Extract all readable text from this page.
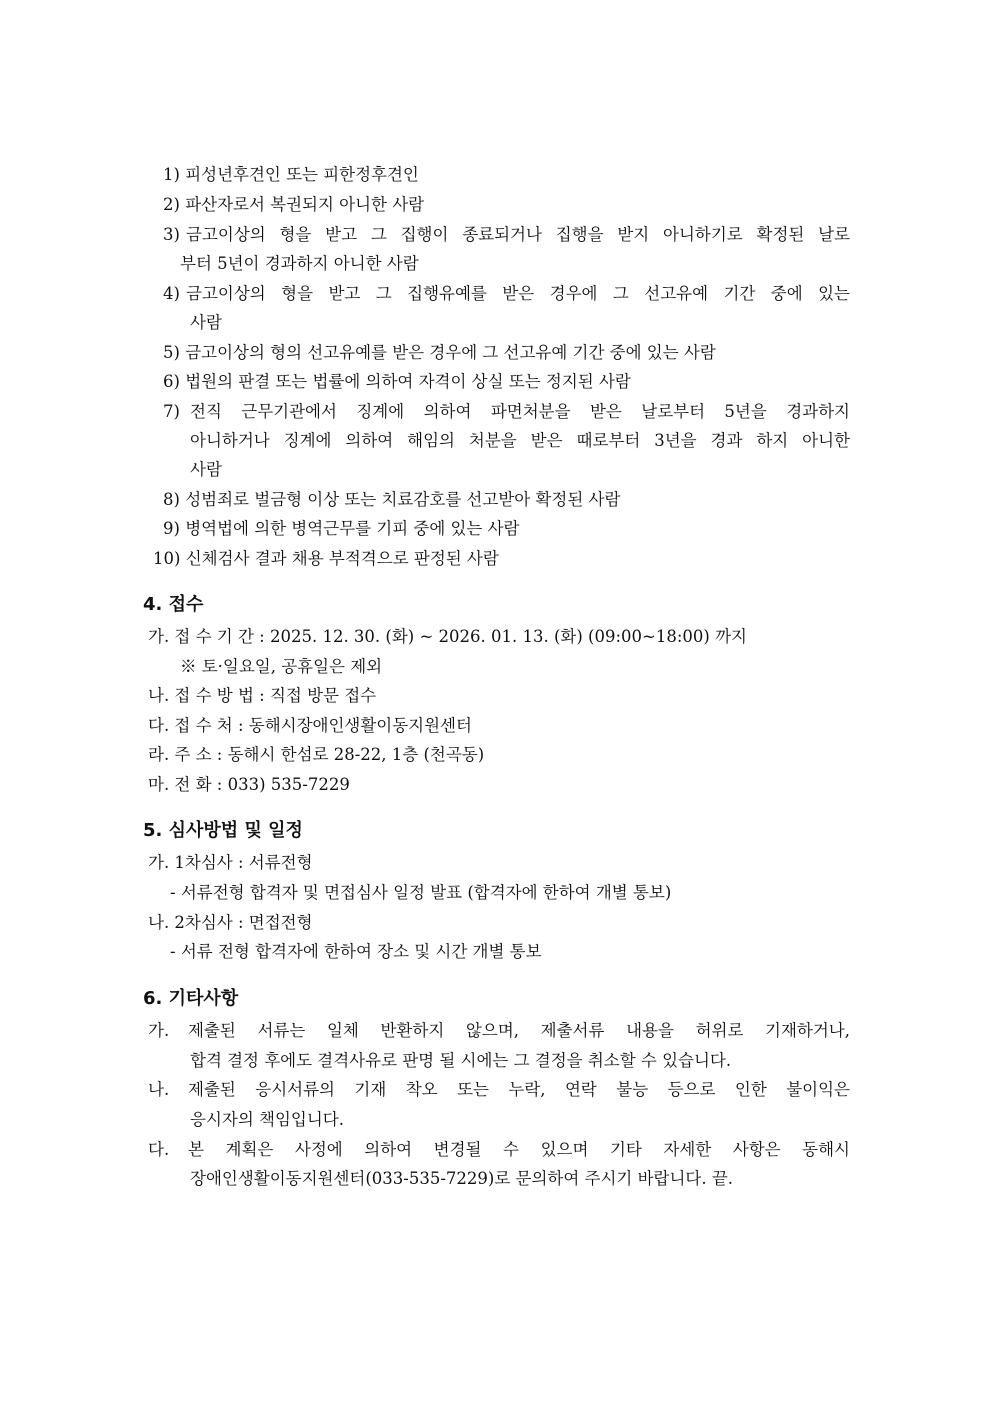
1) 피성년후견인 또는 피한정후견인
2) 파산자로서 복권되지 아니한 사람
3) 금고이상의 형을 받고 그 집행이 종료되거나 집행을 받지 아니하기로 확정된 날로
부터 5년이 경과하지 아니한 사람
4) 금고이상의 형을 받고 그 집행유예를 받은 경우에 그 선고유예 기간 중에 있는
사람
5) 금고이상의 형의 선고유예를 받은 경우에 그 선고유예 기간 중에 있는 사람
6) 법원의 판결 또는 법률에 의하여 자격이 상실 또는 정지된 사람
7) 전직 근무기관에서 징계에 의하여 파면처분을 받은 날로부터 5년을 경과하지
아니하거나 징계에 의하여 해임의 처분을 받은 때로부터 3년을 경과 하지 아니한
사람
8) 성범죄로 벌금형 이상 또는 치료감호를 선고받아 확정된 사람
9) 병역법에 의한 병역근무를 기피 중에 있는 사람
10) 신체검사 결과 채용 부적격으로 판정된 사람
4. 접수
가. 접 수 기 간 : 2025. 12. 30. (화) ~ 2026. 01. 13. (화) (09:00~18:00) 까지
※ 토·일요일, 공휴일은 제외
나. 접 수 방 법 : 직접 방문 접수
다. 접 수 처 : 동해시장애인생활이동지원센터
라. 주 소 : 동해시 한섬로 28-22, 1층 (천곡동)
마. 전 화 : 033) 535-7229
5. 심사방법 및 일정
가. 1차심사 : 서류전형
- 서류전형 합격자 및 면접심사 일정 발표 (합격자에 한하여 개별 통보)
나. 2차심사 : 면접전형
- 서류 전형 합격자에 한하여 장소 및 시간 개별 통보
6. 기타사항
가. 제출된 서류는 일체 반환하지 않으며, 제출서류 내용을 허위로 기재하거나,
합격 결정 후에도 결격사유로 판명 될 시에는 그 결정을 취소할 수 있습니다.
나. 제출된 응시서류의 기재 착오 또는 누락, 연락 불능 등으로 인한 불이익은
응시자의 책임입니다.
다. 본 계획은 사정에 의하여 변경될 수 있으며 기타 자세한 사항은 동해시
장애인생활이동지원센터(033-535-7229)로 문의하여 주시기 바랍니다. 끝.
